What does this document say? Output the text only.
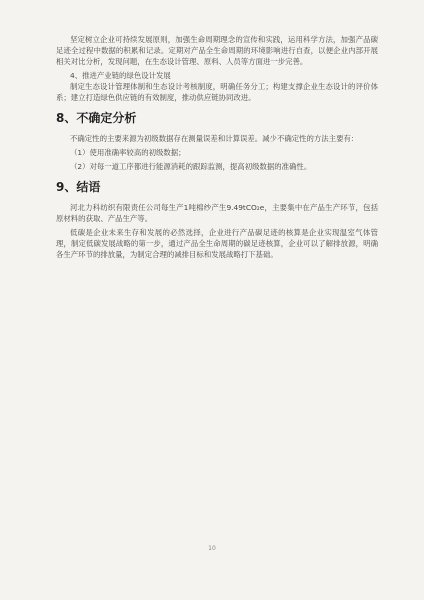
坚定树立企业可持续发展原则，加强生命周期理念的宣传和实践，运用科学方法，加强产品碳足迹全过程中数据的积累和记录。定期对产品全生命周期的环境影响进行自查，以便企业内部开展相关对比分析，发现问题，在生态设计管理、原料、人员等方面进一步完善。

4、推进产业链的绿色设计发展

制定生态设计管理体制和生态设计考核制度，明确任务分工；构建支撑企业生态设计的评价体系；建立打造绿色供应链的有效制度，推动供应链协同改进。

8、不确定分析

不确定性的主要来源为初级数据存在测量误差和计算误差。减少不确定性的方法主要有：

（1）使用准确率较高的初级数据；

（2）对每一道工序都进行能源消耗的跟踪监测，提高初级数据的准确性。

9、结语

河北力科纺织有限责任公司每生产1吨棉纱产生9.49tCO₂e，主要集中在产品生产环节，包括原材料的获取、产品生产等。

低碳是企业未来生存和发展的必然选择，企业进行产品碳足迹的核算是企业实现温室气体管理，制定低碳发展战略的第一步，通过产品全生命周期的碳足迹核算，企业可以了解排放源，明确各生产环节的排放量，为制定合理的减排目标和发展战略打下基础。

10
